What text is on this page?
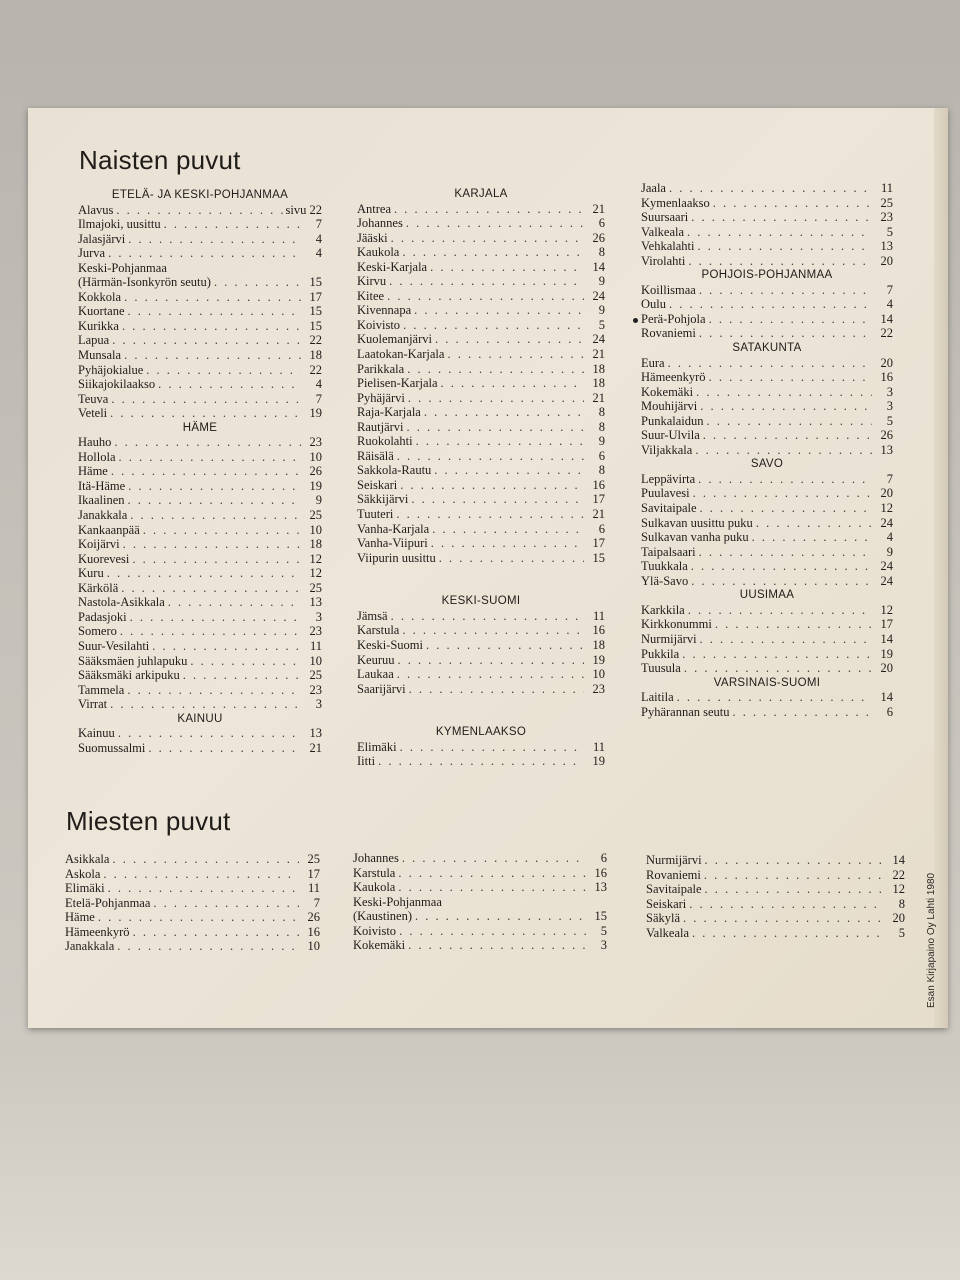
Naisten puvut
ETELÄ- JA KESKI-POHJANMAA
Alavus . . .	sivu 22
Ilmajoki, uusittu . . .	7
Jalasjärvi . . .	4
Jurva . . .	4
Keski-Pohjanmaa
(Härmän-Isonkyrön seutu) . . .	15
Kokkola . . .	17
Kuortane . . .	15
Kurikka . . .	15
Lapua . . .	22
Munsala . . .	18
Pyhäjokialue . . .	22
Siikajokilaakso . . .	4
Teuva . . .	7
Veteli . . .	19
HÄME
Hauho . . .	23
Hollola . . .	10
Häme . . .	26
Itä-Häme . . .	19
Ikaalinen . . .	9
Janakkala . . .	25
Kankaanpää . . .	10
Koijärvi . . .	18
Kuorevesi . . .	12
Kuru . . .	12
Kärkölä . . .	25
Nastola-Asikkala . . .	13
Padasjoki . . .	3
Somero . . .	23
Suur-Vesilahti . . .	11
Sääksmäen juhlapuku . . .	10
Sääksmäki arkipuku . . .	25
Tammela . . .	23
Virrat . . .	3
KAINUU
Kainuu . . .	13
Suomussalmi . . .	21
KARJALA
Antrea . . .	21
Johannes . . .	6
Jääski . . .	26
Kaukola . . .	8
Keski-Karjala . . .	14
Kirvu . . .	9
Kitee . . .	24
Kivennapa . . .	9
Koivisto . . .	5
Kuolemanjärvi . . .	24
Laatokan-Karjala . . .	21
Parikkala . . .	18
Pielisen-Karjala . . .	18
Pyhäjärvi . . .	21
Raja-Karjala . . .	8
Rautjärvi . . .	8
Ruokolahti . . .	9
Räisälä . . .	6
Sakkola-Rautu . . .	8
Seiskari . . .	16
Säkkijärvi . . .	17
Tuuteri . . .	21
Vanha-Karjala . . .	6
Vanha-Viipuri . . .	17
Viipurin uusittu . . .	15
KESKI-SUOMI
Jämsä . . .	11
Karstula . . .	16
Keski-Suomi . . .	18
Keuruu . . .	19
Laukaa . . .	10
Saarijärvi . . .	23
KYMENLAAKSO
Elimäki . . .	11
Iitti . . .	19
Jaala . . .	11
Kymenlaakso . . .	25
Suursaari . . .	23
Valkeala . . .	5
Vehkalahti . . .	13
Virolahti . . .	20
POHJOIS-POHJANMAA
Koillismaa . . .	7
Oulu . . .	4
Perä-Pohjola . . .	14
Rovaniemi . . .	22
SATAKUNTA
Eura . . .	20
Hämeenkyrö . . .	16
Kokemäki . . .	3
Mouhijärvi . . .	3
Punkalaidun . . .	5
Suur-Ulvila . . .	26
Viljakkala . . .	13
SAVO
Leppävirta . . .	7
Puulavesi . . .	20
Savitaipale . . .	12
Sulkavan uusittu puku . . .	24
Sulkavan vanha puku . . .	4
Taipalsaari . . .	9
Tuukkala . . .	24
Ylä-Savo . . .	24
UUSIMAA
Karkkila . . .	12
Kirkkonummi . . .	17
Nurmijärvi . . .	14
Pukkila . . .	19
Tuusula . . .	20
VARSINAIS-SUOMI
Laitila . . .	14
Pyhärannan seutu . . .	6
Miesten puvut
Asikkala . . .	25
Askola . . .	17
Elimäki . . .	11
Etelä-Pohjanmaa . . .	7
Häme . . .	26
Hämeenkyrö . . .	16
Janakkala . . .	10
Johannes . . .	6
Karstula . . .	16
Kaukola . . .	13
Keski-Pohjanmaa
(Kaustinen) . . .	15
Koivisto . . .	5
Kokemäki . . .	3
Nurmijärvi . . .	14
Rovaniemi . . .	22
Savitaipale . . .	12
Seiskari . . .	8
Säkylä . . .	20
Valkeala . . .	5 Esan Kirjapaino Oy Lahti 1980
